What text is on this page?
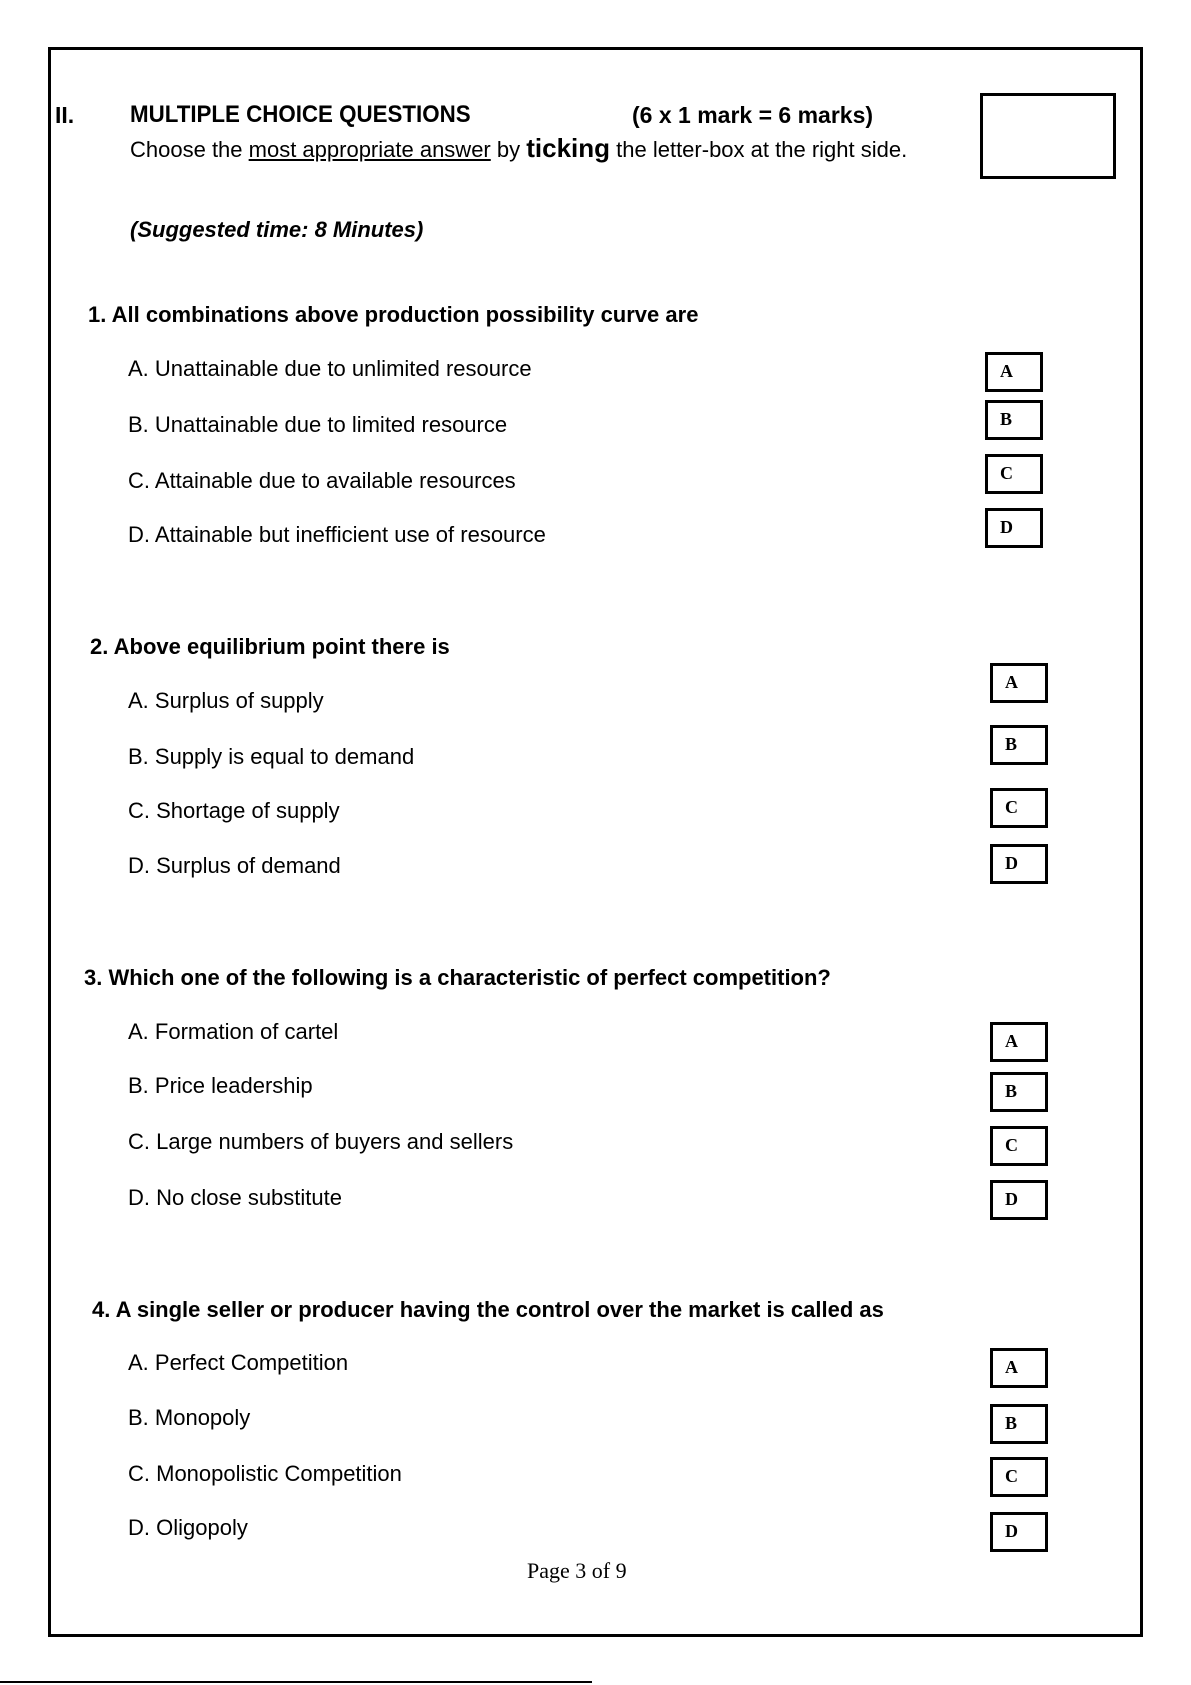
II. MULTIPLE CHOICE QUESTIONS	(6 x 1 mark = 6 marks)
Choose the most appropriate answer by ticking the letter-box at the right side.
(Suggested time: 8 Minutes)
1. All combinations above production possibility curve are
A. Unattainable due to unlimited resource
B. Unattainable due to limited resource
C. Attainable due to available resources
D. Attainable but inefficient use of resource
A
B
C
D
2. Above equilibrium point there is
A. Surplus of supply
B. Supply is equal to demand
C. Shortage of supply
D. Surplus of demand
A
B
C
D
3. Which one of the following is a characteristic of perfect competition?
A. Formation of cartel
B. Price leadership
C. Large numbers of buyers and sellers
D. No close substitute
A
B
C
D
4. A single seller or producer having the control over the market is called as
A. Perfect Competition
B. Monopoly
C. Monopolistic Competition
D. Oligopoly
A
B
C
D
Page 3 of 9
